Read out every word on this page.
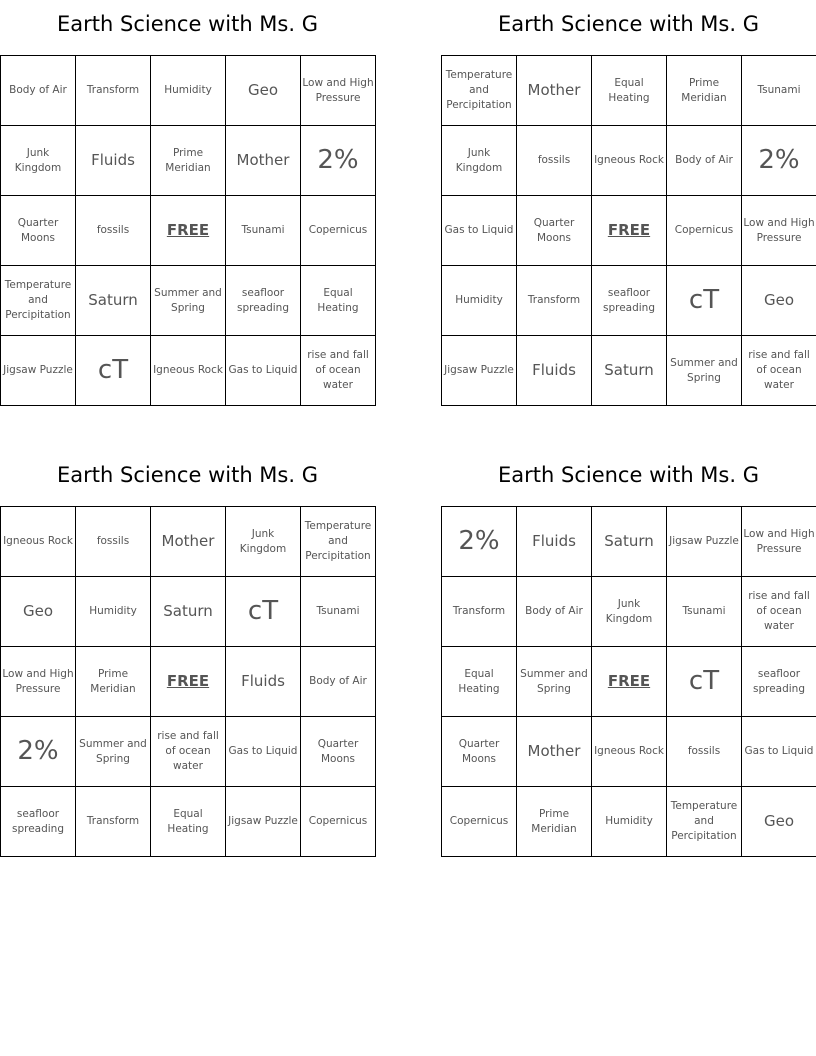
Earth Science with Ms. G
Body of Air	Transform	Humidity	Geo	Low and High Pressure
Junk Kingdom	Fluids	Prime Meridian	Mother	2%
Quarter Moons	fossils	FREE	Tsunami	Copernicus
Temperature and Percipitation	Saturn	Summer and Spring	seafloor spreading	Equal Heating
Jigsaw Puzzle	cT	Igneous Rock	Gas to Liquid	rise and fall of ocean water
Earth Science with Ms. G
Temperature and Percipitation	Mother	Equal Heating	Prime Meridian	Tsunami
Junk Kingdom	fossils	Igneous Rock	Body of Air	2%
Gas to Liquid	Quarter Moons	FREE	Copernicus	Low and High Pressure
Humidity	Transform	seafloor spreading	cT	Geo
Jigsaw Puzzle	Fluids	Saturn	Summer and Spring	rise and fall of ocean water
Earth Science with Ms. G
Igneous Rock	fossils	Mother	Junk Kingdom	Temperature and Percipitation
Geo	Humidity	Saturn	cT	Tsunami
Low and High Pressure	Prime Meridian	FREE	Fluids	Body of Air
2%	Summer and Spring	rise and fall of ocean water	Gas to Liquid	Quarter Moons
seafloor spreading	Transform	Equal Heating	Jigsaw Puzzle	Copernicus
Earth Science with Ms. G
2%	Fluids	Saturn	Jigsaw Puzzle	Low and High Pressure
Transform	Body of Air	Junk Kingdom	Tsunami	rise and fall of ocean water
Equal Heating	Summer and Spring	FREE	cT	seafloor spreading
Quarter Moons	Mother	Igneous Rock	fossils	Gas to Liquid
Copernicus	Prime Meridian	Humidity	Temperature and Percipitation	Geo
